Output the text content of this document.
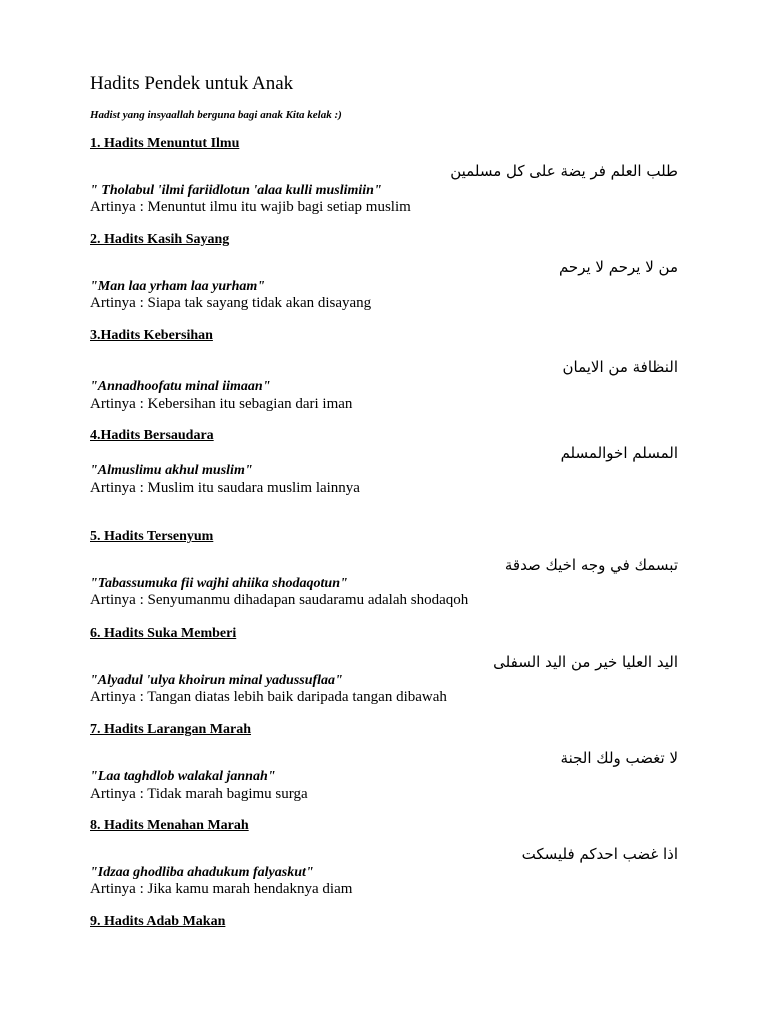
Hadits Pendek untuk Anak
Hadist yang insyaallah berguna bagi anak Kita kelak :)
1. Hadits Menuntut Ilmu
طلب العلم فر يضة على كل مسلمين
" Tholabul 'ilmi fariidlotun 'alaa kulli muslimiin"
Artinya : Menuntut ilmu itu wajib bagi setiap muslim
2. Hadits Kasih Sayang
من لا يرحم لا يرحم
"Man laa yrham laa yurham"
Artinya : Siapa tak sayang tidak akan disayang
3.Hadits Kebersihan
النظافة من الايمان
"Annadhoofatu minal iimaan"
Artinya : Kebersihan itu sebagian dari iman
4.Hadits Bersaudara
المسلم اخوالمسلم
"Almuslimu akhul muslim"
Artinya : Muslim itu saudara muslim lainnya
5. Hadits Tersenyum
تبسمك في وجه اخيك صدقة
"Tabassumuka fii wajhi ahiika shodaqotun"
Artinya : Senyumanmu dihadapan saudaramu adalah shodaqoh
6. Hadits Suka Memberi
اليد العليا خير من اليد السفلى
"Alyadul 'ulya khoirun minal yadussuflaa"
Artinya : Tangan diatas lebih baik daripada tangan dibawah
7. Hadits Larangan Marah
لا تغضب ولك الجنة
"Laa taghdlob walakal jannah"
Artinya : Tidak marah bagimu surga
8. Hadits Menahan Marah
اذا غضب احدكم فليسكت
"Idzaa ghodliba ahadukum falyaskut"
Artinya : Jika kamu marah hendaknya diam
9. Hadits Adab Makan
